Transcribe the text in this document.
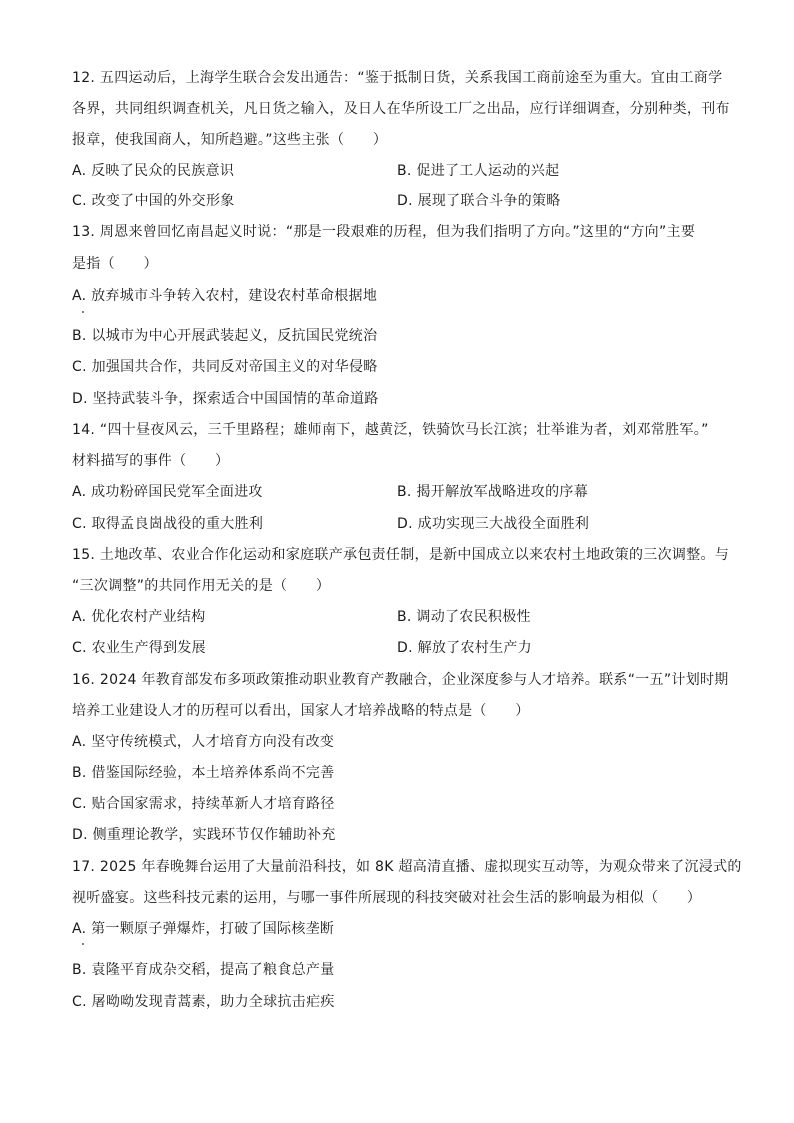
12. 五四运动后，上海学生联合会发出通告：“鉴于抵制日货，关系我国工商前途至为重大。宜由工商学
各界，共同组织调查机关，凡日货之输入，及日人在华所设工厂之出品，应行详细调查，分别种类，刊布
报章，使我国商人，知所趋避。”这些主张（　　）
A. 反映了民众的民族意识	B. 促进了工人运动的兴起
C. 改变了中国的外交形象	D. 展现了联合斗争的策略
13. 周恩来曾回忆南昌起义时说：“那是一段艰难的历程，但为我们指明了方向。”这里的“方向”主要
是指（　　）
A. 放弃城市斗争转入农村，建设农村革命根据地
B. 以城市为中心开展武装起义，反抗国民党统治
C. 加强国共合作，共同反对帝国主义的对华侵略
D. 坚持武装斗争，探索适合中国国情的革命道路
14. “四十昼夜风云，三千里路程；雄师南下，越黄泛，铁骑饮马长江滨；壮举谁为者，刘邓常胜军。”
材料描写的事件（　　）
A. 成功粉碎国民党军全面进攻	B. 揭开解放军战略进攻的序幕
C. 取得孟良崮战役的重大胜利	D. 成功实现三大战役全面胜利
15. 土地改革、农业合作化运动和家庭联产承包责任制，是新中国成立以来农村土地政策的三次调整。与
“三次调整”的共同作用无关的是（　　）
A. 优化农村产业结构	B. 调动了农民积极性
C. 农业生产得到发展	D. 解放了农村生产力
16. 2024 年教育部发布多项政策推动职业教育产教融合，企业深度参与人才培养。联系“一五”计划时期
培养工业建设人才的历程可以看出，国家人才培养战略的特点是（　　）
A. 坚守传统模式，人才培育方向没有改变
B. 借鉴国际经验，本土培养体系尚不完善
C. 贴合国家需求，持续革新人才培育路径
D. 侧重理论教学，实践环节仅作辅助补充
17. 2025 年春晚舞台运用了大量前沿科技，如 8K 超高清直播、虚拟现实互动等，为观众带来了沉浸式的
视听盛宴。这些科技元素的运用，与哪一事件所展现的科技突破对社会生活的影响最为相似（　　）
A. 第一颗原子弹爆炸，打破了国际核垄断
B. 袁隆平育成杂交稻，提高了粮食总产量
C. 屠呦呦发现青蒿素，助力全球抗击疟疾
